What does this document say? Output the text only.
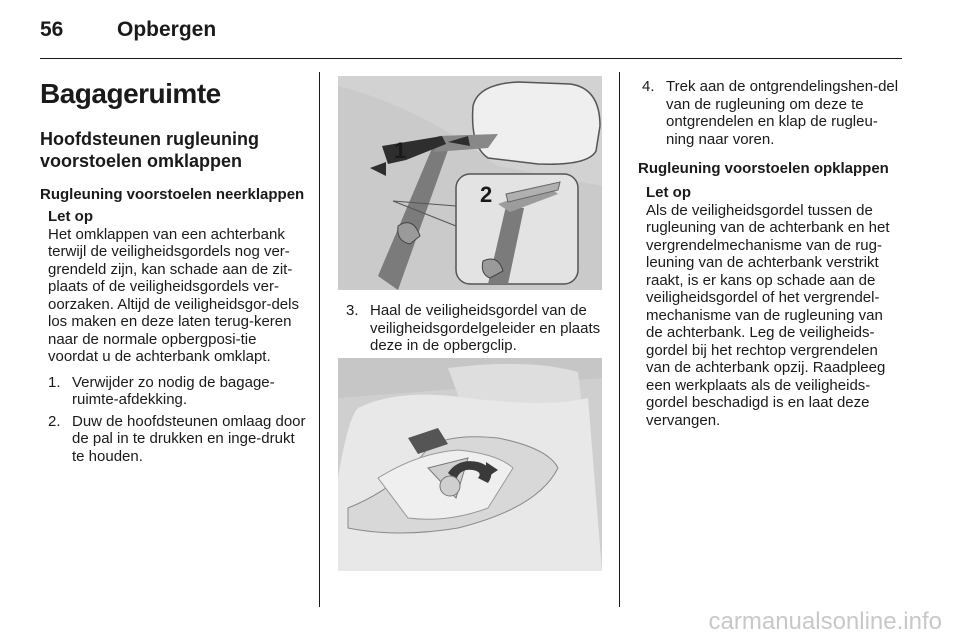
56	Opbergen
Bagageruimte
Hoofdsteunen rugleuning voorstoelen omklappen
Rugleuning voorstoelen neerklappen
Let op
Het omklappen van een achterbank terwijl de veiligheidsgordels nog ver-grendeld zijn, kan schade aan de zit-plaats of de veiligheidsgordels ver-oorzaken. Altijd de veiligheidsgor-dels los maken en deze laten terug-keren naar de normale opbergposi-tie voordat u de achterbank omklapt.
1. Verwijder zo nodig de bagage-ruimte-afdekking.
2. Duw de hoofdsteunen omlaag door de pal in te drukken en inge-drukt te houden.
1
2
3. Haal de veiligheidsgordel van de veiligheidsgordelgeleider en plaats deze in de opbergclip.
4. Trek aan de ontgrendelingshen-del van de rugleuning om deze te ontgrendelen en klap de rugleu-ning naar voren.
Rugleuning voorstoelen opklappen
Let op
Als de veiligheidsgordel tussen de rugleuning van de achterbank en het vergrendelmechanisme van de rug-leuning van de achterbank verstrikt raakt, is er kans op schade aan de veiligheidsgordel of het vergrendel-mechanisme van de rugleuning van de achterbank. Leg de veiligheids-gordel bij het rechtop vergrendelen van de achterbank opzij. Raadpleeg een werkplaats als de veiligheids-gordel beschadigd is en laat deze vervangen.
carmanualsonline.info
